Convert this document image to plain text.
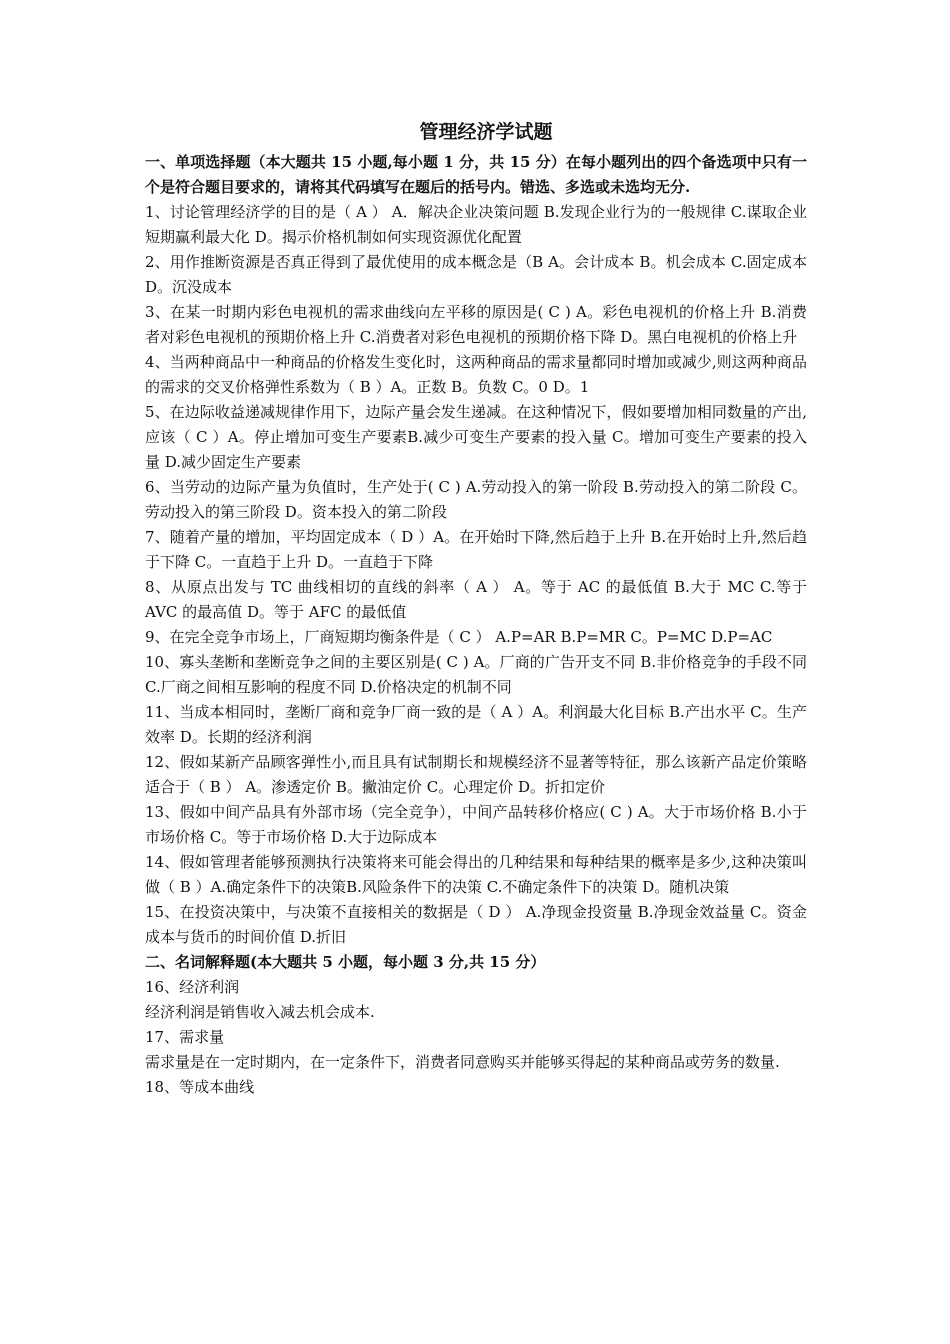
管理经济学试题
一、单项选择题（本大题共 15 小题,每小题 1 分，共 15 分）在每小题列出的四个备选项中只有一个是符合题目要求的，请将其代码填写在题后的括号内。错选、多选或未选均无分.
1、讨论管理经济学的目的是（ A ） A．解决企业决策问题 B.发现企业行为的一般规律 C.谋取企业短期赢利最大化 D。揭示价格机制如何实现资源优化配置
2、用作推断资源是否真正得到了最优使用的成本概念是（B A。会计成本 B。机会成本 C.固定成本 D。沉没成本
3、在某一时期内彩色电视机的需求曲线向左平移的原因是( C ) A。彩色电视机的价格上升 B.消费者对彩色电视机的预期价格上升 C.消费者对彩色电视机的预期价格下降 D。黑白电视机的价格上升
4、当两种商品中一种商品的价格发生变化时，这两种商品的需求量都同时增加或减少,则这两种商品的需求的交叉价格弹性系数为（ B ）A。正数 B。负数 C。0 D。1
5、在边际收益递减规律作用下，边际产量会发生递减。在这种情况下，假如要增加相同数量的产出,应该（ C ）A。停止增加可变生产要素B.减少可变生产要素的投入量 C。增加可变生产要素的投入量 D.减少固定生产要素
6、当劳动的边际产量为负值时，生产处于( C ) A.劳动投入的第一阶段 B.劳动投入的第二阶段 C。劳动投入的第三阶段 D。资本投入的第二阶段
7、随着产量的增加，平均固定成本（ D ）A。在开始时下降,然后趋于上升 B.在开始时上升,然后趋于下降 C。一直趋于上升 D。一直趋于下降
8、从原点出发与 TC 曲线相切的直线的斜率（ A ） A。等于 AC 的最低值 B.大于 MC C.等于 AVC 的最高值 D。等于 AFC 的最低值
9、在完全竞争市场上，厂商短期均衡条件是（ C ） A.P=AR B.P=MR C。P=MC D.P=AC
10、寡头垄断和垄断竞争之间的主要区别是( C ) A。厂商的广告开支不同 B.非价格竞争的手段不同 C.厂商之间相互影响的程度不同 D.价格决定的机制不同
11、当成本相同时，垄断厂商和竞争厂商一致的是（ A ）A。利润最大化目标 B.产出水平 C。生产效率 D。长期的经济利润
12、假如某新产品顾客弹性小,而且具有试制期长和规模经济不显著等特征，那么该新产品定价策略适合于（ B ） A。渗透定价 B。撇油定价 C。心理定价 D。折扣定价
13、假如中间产品具有外部市场（完全竞争），中间产品转移价格应( C ) A。大于市场价格 B.小于市场价格 C。等于市场价格 D.大于边际成本
14、假如管理者能够预测执行决策将来可能会得出的几种结果和每种结果的概率是多少,这种决策叫做（ B ）A.确定条件下的决策B.风险条件下的决策 C.不确定条件下的决策 D。随机决策
15、在投资决策中，与决策不直接相关的数据是（ D ） A.净现金投资量 B.净现金效益量 C。资金成本与货币的时间价值 D.折旧
二、名词解释题(本大题共 5 小题，每小题 3 分,共 15 分）
16、经济利润
经济利润是销售收入减去机会成本.
17、需求量
需求量是在一定时期内，在一定条件下，消费者同意购买并能够买得起的某种商品或劳务的数量.
18、等成本曲线
